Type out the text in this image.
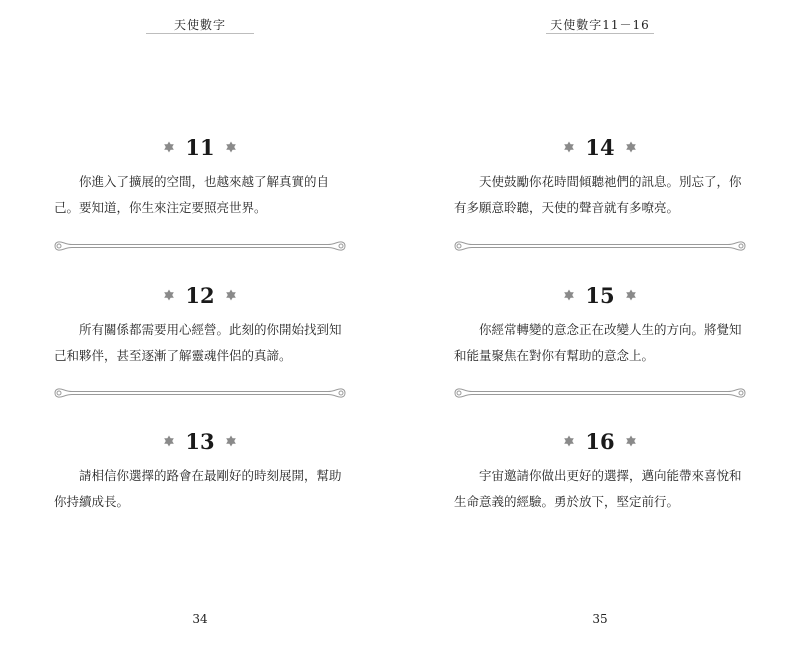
天使數字
11
你進入了擴展的空間，也越來越了解真實的自己。要知道，你生來注定要照亮世界。
12
所有關係都需要用心經營。此刻的你開始找到知己和夥伴，甚至逐漸了解靈魂伴侶的真諦。
13
請相信你選擇的路會在最剛好的時刻展開，幫助你持續成長。
34
天使數字11－16
14
天使鼓勵你花時間傾聽祂們的訊息。別忘了，你有多願意聆聽，天使的聲音就有多嘹亮。
15
你經常轉變的意念正在改變人生的方向。將覺知和能量聚焦在對你有幫助的意念上。
16
宇宙邀請你做出更好的選擇，邁向能帶來喜悅和生命意義的經驗。勇於放下，堅定前行。
35
